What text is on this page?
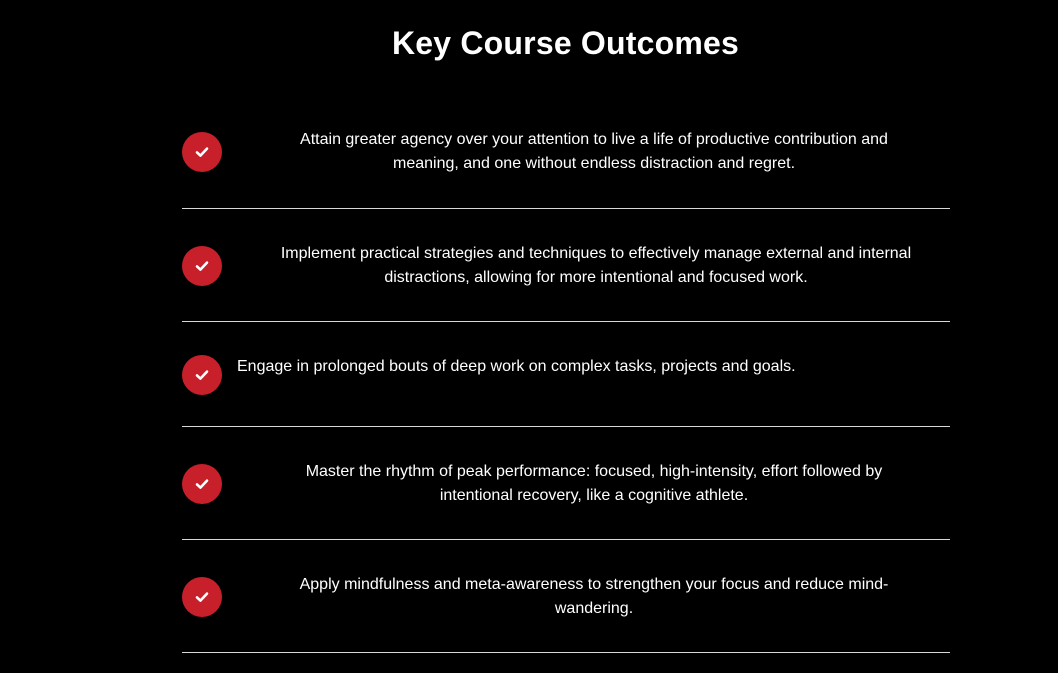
Key Course Outcomes

Attain greater agency over your attention to live a life of productive contribution and meaning, and one without endless distraction and regret.

Implement practical strategies and techniques to effectively manage external and internal distractions, allowing for more intentional and focused work.

Engage in prolonged bouts of deep work on complex tasks, projects and goals.

Master the rhythm of peak performance: focused, high-intensity, effort followed by intentional recovery, like a cognitive athlete.

Apply mindfulness and meta-awareness to strengthen your focus and reduce mind-wandering.
